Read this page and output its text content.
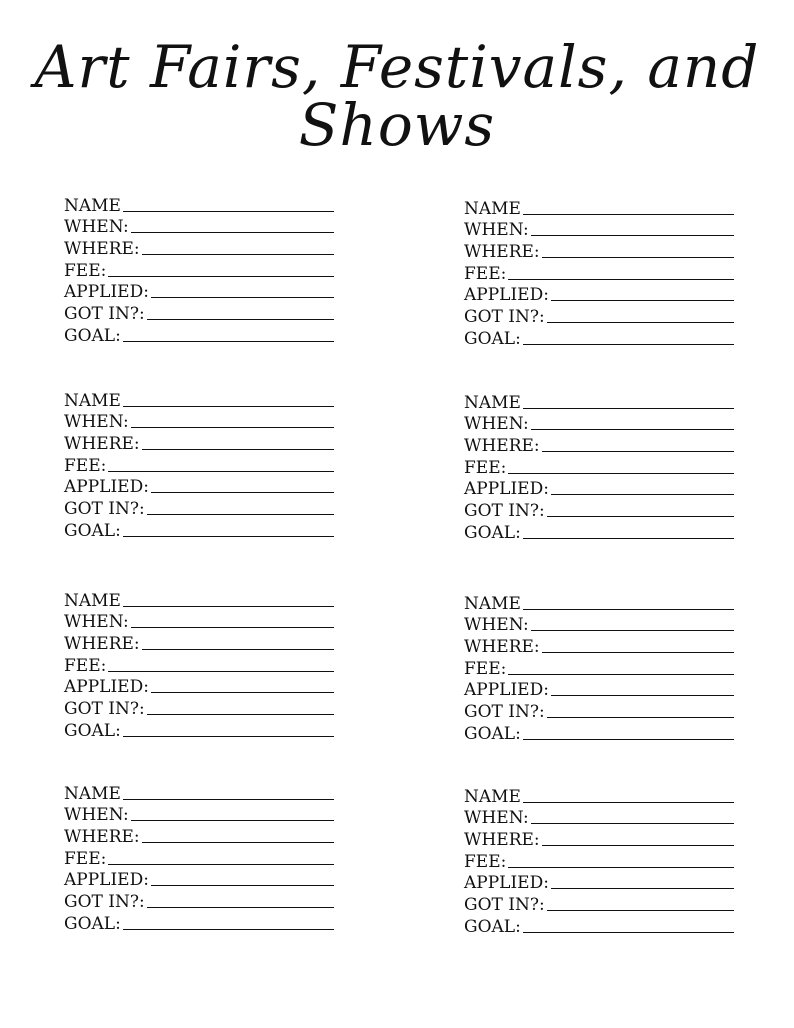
Art Fairs, Festivals, and Shows
NAME
WHEN:
WHERE:
FEE:
APPLIED:
GOT IN?:
GOAL:
NAME
WHEN:
WHERE:
FEE:
APPLIED:
GOT IN?:
GOAL:
NAME
WHEN:
WHERE:
FEE:
APPLIED:
GOT IN?:
GOAL:
NAME
WHEN:
WHERE:
FEE:
APPLIED:
GOT IN?:
GOAL:
NAME
WHEN:
WHERE:
FEE:
APPLIED:
GOT IN?:
GOAL:
NAME
WHEN:
WHERE:
FEE:
APPLIED:
GOT IN?:
GOAL:
NAME
WHEN:
WHERE:
FEE:
APPLIED:
GOT IN?:
GOAL:
NAME
WHEN:
WHERE:
FEE:
APPLIED:
GOT IN?:
GOAL:
